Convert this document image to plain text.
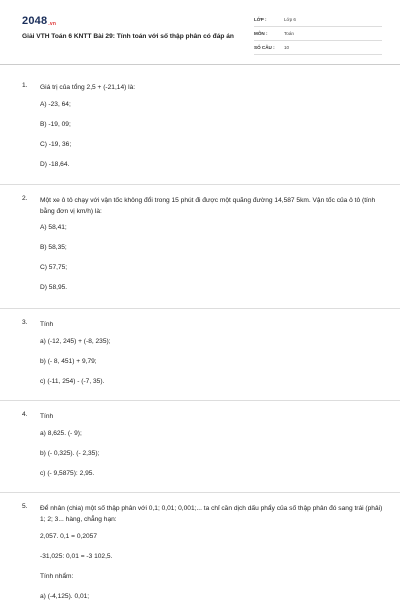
2048.vn
Giải VTH Toán 6 KNTT Bài 29: Tính toán với số thập phân có đáp án
LỚP :	Lớp 6
MÔN :	Toán
SỐ CÂU : 10
1. Giá trị của tổng 2,5 + (-21,14) là:
A) -23, 64;
B) -19, 09;
C) -19, 36;
D) -18,64.
2. Một xe ô tô chạy với vận tốc không đổi trong 15 phút đi được một quãng đường 14,587 5km. Vận tốc của ô tô (tính bằng đơn vị km/h) là:
A) 58,41;
B) 58,35;
C) 57,75;
D) 58,95.
3. Tính
a) (-12, 245) + (-8, 235);
b) (- 8, 451) + 9,79;
c) (-11, 254) - (-7, 35).
4. Tính
a) 8,625. (- 9);
b) (- 0,325). (- 2,35);
c) (- 9,5875): 2,95.
5. Để nhân (chia) một số thập phân với 0,1; 0,01; 0,001;... ta chỉ cần dịch dấu phẩy của số thập phân đó sang trái (phải) 1; 2; 3... hàng, chẳng hạn:
2,057. 0,1 = 0,2057
-31,025: 0,01 = -3 102,5.
Tính nhẩm:
a) (-4,125). 0,01;
